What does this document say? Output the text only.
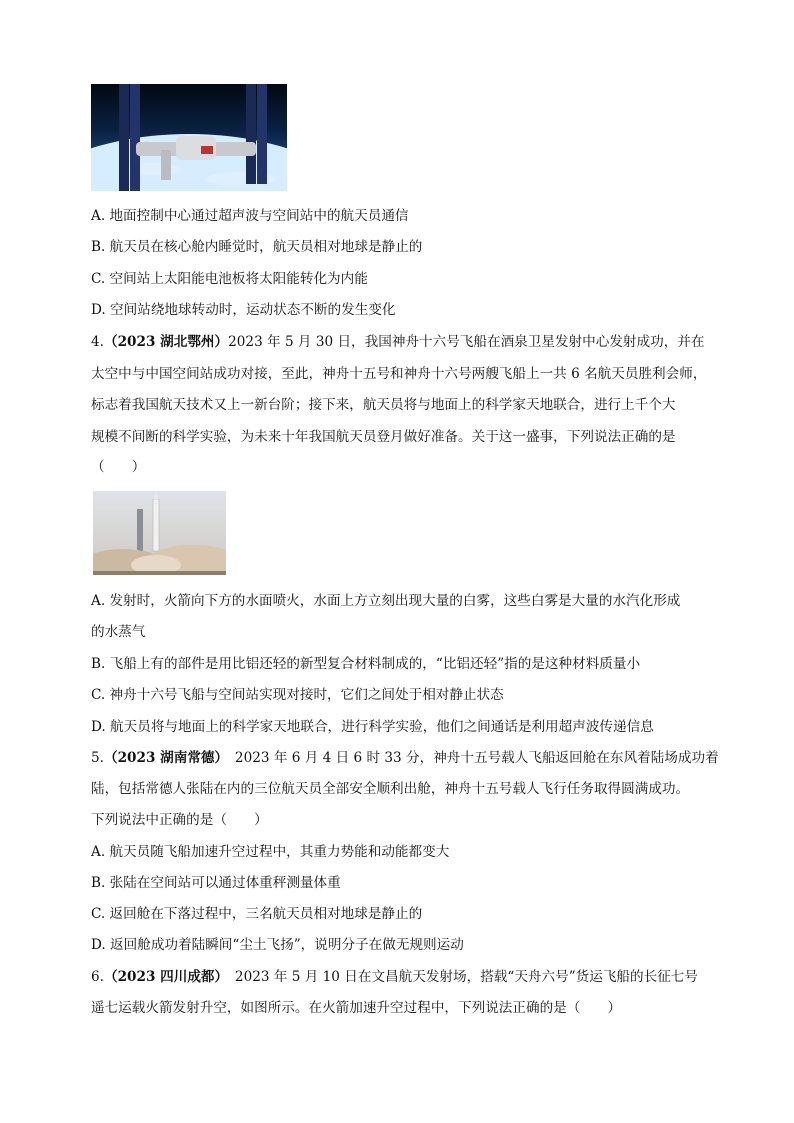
A. 地面控制中心通过超声波与空间站中的航天员通信
B. 航天员在核心舱内睡觉时，航天员相对地球是静止的
C. 空间站上太阳能电池板将太阳能转化为内能
D. 空间站绕地球转动时，运动状态不断的发生变化
4.（2023 湖北鄂州）2023 年 5 月 30 日，我国神舟十六号飞船在酒泉卫星发射中心发射成功，并在
太空中与中国空间站成功对接，至此，神舟十五号和神舟十六号两艘飞船上一共 6 名航天员胜利会师，
标志着我国航天技术又上一新台阶；接下来，航天员将与地面上的科学家天地联合，进行上千个大
规模不间断的科学实验，为未来十年我国航天员登月做好准备。关于这一盛事，下列说法正确的是
（　　）
A. 发射时，火箭向下方的水面喷火，水面上方立刻出现大量的白雾，这些白雾是大量的水汽化形成
的水蒸气
B. 飞船上有的部件是用比铝还轻的新型复合材料制成的，“比铝还轻”指的是这种材料质量小
C. 神舟十六号飞船与空间站实现对接时，它们之间处于相对静止状态
D. 航天员将与地面上的科学家天地联合，进行科学实验，他们之间通话是利用超声波传递信息
5.（2023 湖南常德）　2023 年 6 月 4 日 6 时 33 分，神舟十五号载人飞船返回舱在东风着陆场成功着
陆，包括常德人张陆在内的三位航天员全部安全顺利出舱，神舟十五号载人飞行任务取得圆满成功。
下列说法中正确的是（　　）
A. 航天员随飞船加速升空过程中，其重力势能和动能都变大
B. 张陆在空间站可以通过体重秤测量体重
C. 返回舱在下落过程中，三名航天员相对地球是静止的
D. 返回舱成功着陆瞬间“尘土飞扬”，说明分子在做无规则运动
6.（2023 四川成都）　2023 年 5 月 10 日在文昌航天发射场，搭载“天舟六号”货运飞船的长征七号
遥七运载火箭发射升空，如图所示。在火箭加速升空过程中，下列说法正确的是（　　）
